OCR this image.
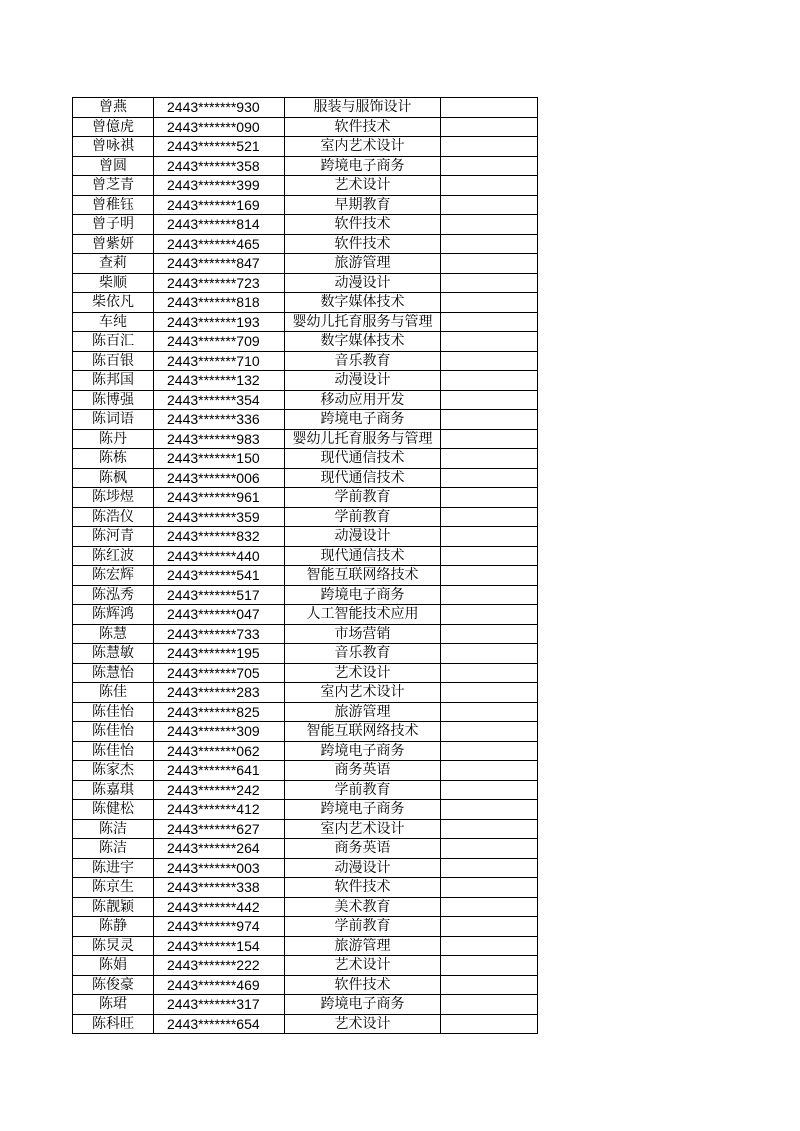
曾燕	2443*******930	服装与服饰设计	
曾億虎	2443*******090	软件技术	
曾咏祺	2443*******521	室内艺术设计	
曾圆	2443*******358	跨境电子商务	
曾芝青	2443*******399	艺术设计	
曾稚钰	2443*******169	早期教育	
曾子明	2443*******814	软件技术	
曾紫妍	2443*******465	软件技术	
查莉	2443*******847	旅游管理	
柴顺	2443*******723	动漫设计	
柴依凡	2443*******818	数字媒体技术	
车纯	2443*******193	婴幼儿托育服务与管理	
陈百汇	2443*******709	数字媒体技术	
陈百银	2443*******710	音乐教育	
陈邦国	2443*******132	动漫设计	
陈博强	2443*******354	移动应用开发	
陈词语	2443*******336	跨境电子商务	
陈丹	2443*******983	婴幼儿托育服务与管理	
陈栋	2443*******150	现代通信技术	
陈枫	2443*******006	现代通信技术	
陈埗煜	2443*******961	学前教育	
陈浩仪	2443*******359	学前教育	
陈河青	2443*******832	动漫设计	
陈红波	2443*******440	现代通信技术	
陈宏辉	2443*******541	智能互联网络技术	
陈泓秀	2443*******517	跨境电子商务	
陈辉鸿	2443*******047	人工智能技术应用	
陈慧	2443*******733	市场营销	
陈慧敏	2443*******195	音乐教育	
陈慧怡	2443*******705	艺术设计	
陈佳	2443*******283	室内艺术设计	
陈佳怡	2443*******825	旅游管理	
陈佳怡	2443*******309	智能互联网络技术	
陈佳怡	2443*******062	跨境电子商务	
陈家杰	2443*******641	商务英语	
陈嘉琪	2443*******242	学前教育	
陈健松	2443*******412	跨境电子商务	
陈洁	2443*******627	室内艺术设计	
陈洁	2443*******264	商务英语	
陈进宇	2443*******003	动漫设计	
陈京生	2443*******338	软件技术	
陈靓颖	2443*******442	美术教育	
陈静	2443*******974	学前教育	
陈炅灵	2443*******154	旅游管理	
陈娟	2443*******222	艺术设计	
陈俊豪	2443*******469	软件技术	
陈珺	2443*******317	跨境电子商务	
陈科旺	2443*******654	艺术设计	
